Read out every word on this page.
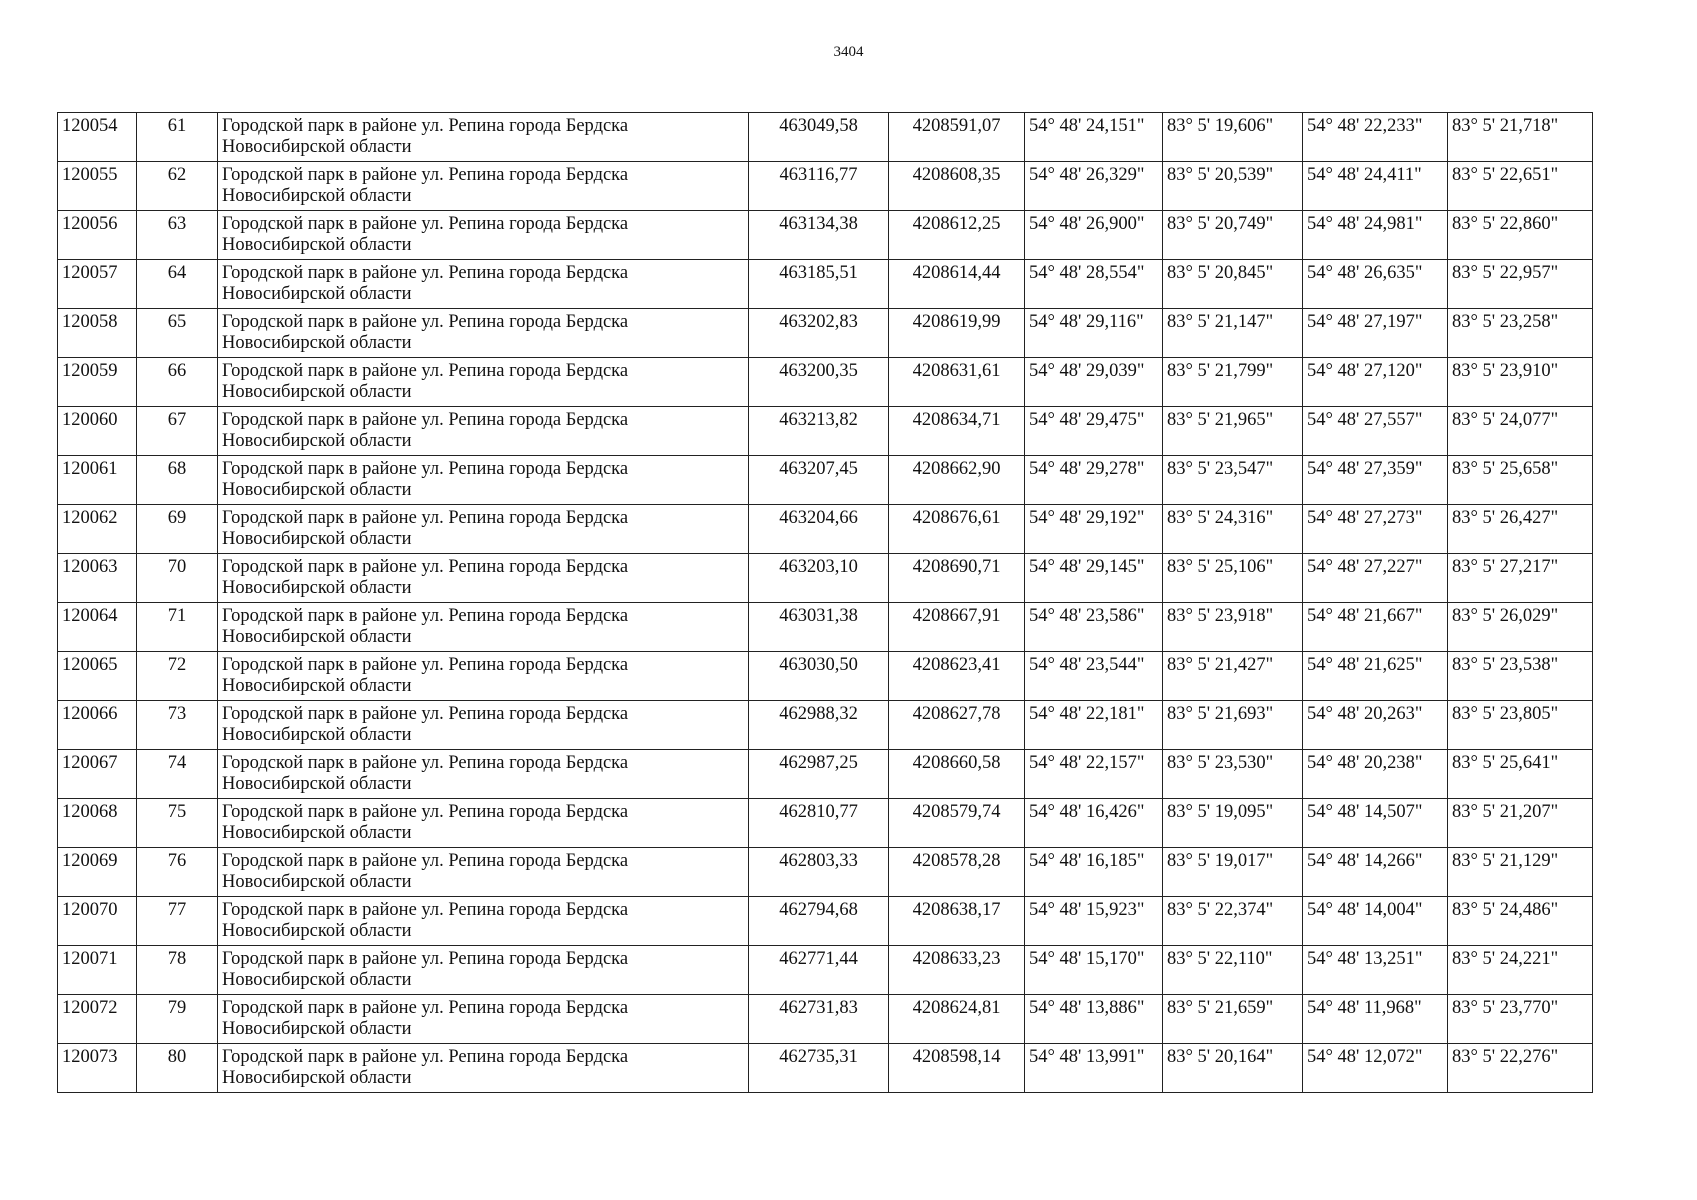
3404
120054	61	Городской парк в районе ул. Репина города Бердска
Новосибирской области	463049,58	4208591,07	54° 48' 24,151"	83° 5' 19,606"	54° 48' 22,233"	83° 5' 21,718"
120055	62	Городской парк в районе ул. Репина города Бердска
Новосибирской области	463116,77	4208608,35	54° 48' 26,329"	83° 5' 20,539"	54° 48' 24,411"	83° 5' 22,651"
120056	63	Городской парк в районе ул. Репина города Бердска
Новосибирской области	463134,38	4208612,25	54° 48' 26,900"	83° 5' 20,749"	54° 48' 24,981"	83° 5' 22,860"
120057	64	Городской парк в районе ул. Репина города Бердска
Новосибирской области	463185,51	4208614,44	54° 48' 28,554"	83° 5' 20,845"	54° 48' 26,635"	83° 5' 22,957"
120058	65	Городской парк в районе ул. Репина города Бердска
Новосибирской области	463202,83	4208619,99	54° 48' 29,116"	83° 5' 21,147"	54° 48' 27,197"	83° 5' 23,258"
120059	66	Городской парк в районе ул. Репина города Бердска
Новосибирской области	463200,35	4208631,61	54° 48' 29,039"	83° 5' 21,799"	54° 48' 27,120"	83° 5' 23,910"
120060	67	Городской парк в районе ул. Репина города Бердска
Новосибирской области	463213,82	4208634,71	54° 48' 29,475"	83° 5' 21,965"	54° 48' 27,557"	83° 5' 24,077"
120061	68	Городской парк в районе ул. Репина города Бердска
Новосибирской области	463207,45	4208662,90	54° 48' 29,278"	83° 5' 23,547"	54° 48' 27,359"	83° 5' 25,658"
120062	69	Городской парк в районе ул. Репина города Бердска
Новосибирской области	463204,66	4208676,61	54° 48' 29,192"	83° 5' 24,316"	54° 48' 27,273"	83° 5' 26,427"
120063	70	Городской парк в районе ул. Репина города Бердска
Новосибирской области	463203,10	4208690,71	54° 48' 29,145"	83° 5' 25,106"	54° 48' 27,227"	83° 5' 27,217"
120064	71	Городской парк в районе ул. Репина города Бердска
Новосибирской области	463031,38	4208667,91	54° 48' 23,586"	83° 5' 23,918"	54° 48' 21,667"	83° 5' 26,029"
120065	72	Городской парк в районе ул. Репина города Бердска
Новосибирской области	463030,50	4208623,41	54° 48' 23,544"	83° 5' 21,427"	54° 48' 21,625"	83° 5' 23,538"
120066	73	Городской парк в районе ул. Репина города Бердска
Новосибирской области	462988,32	4208627,78	54° 48' 22,181"	83° 5' 21,693"	54° 48' 20,263"	83° 5' 23,805"
120067	74	Городской парк в районе ул. Репина города Бердска
Новосибирской области	462987,25	4208660,58	54° 48' 22,157"	83° 5' 23,530"	54° 48' 20,238"	83° 5' 25,641"
120068	75	Городской парк в районе ул. Репина города Бердска
Новосибирской области	462810,77	4208579,74	54° 48' 16,426"	83° 5' 19,095"	54° 48' 14,507"	83° 5' 21,207"
120069	76	Городской парк в районе ул. Репина города Бердска
Новосибирской области	462803,33	4208578,28	54° 48' 16,185"	83° 5' 19,017"	54° 48' 14,266"	83° 5' 21,129"
120070	77	Городской парк в районе ул. Репина города Бердска
Новосибирской области	462794,68	4208638,17	54° 48' 15,923"	83° 5' 22,374"	54° 48' 14,004"	83° 5' 24,486"
120071	78	Городской парк в районе ул. Репина города Бердска
Новосибирской области	462771,44	4208633,23	54° 48' 15,170"	83° 5' 22,110"	54° 48' 13,251"	83° 5' 24,221"
120072	79	Городской парк в районе ул. Репина города Бердска
Новосибирской области	462731,83	4208624,81	54° 48' 13,886"	83° 5' 21,659"	54° 48' 11,968"	83° 5' 23,770"
120073	80	Городской парк в районе ул. Репина города Бердска
Новосибирской области	462735,31	4208598,14	54° 48' 13,991"	83° 5' 20,164"	54° 48' 12,072"	83° 5' 22,276"
